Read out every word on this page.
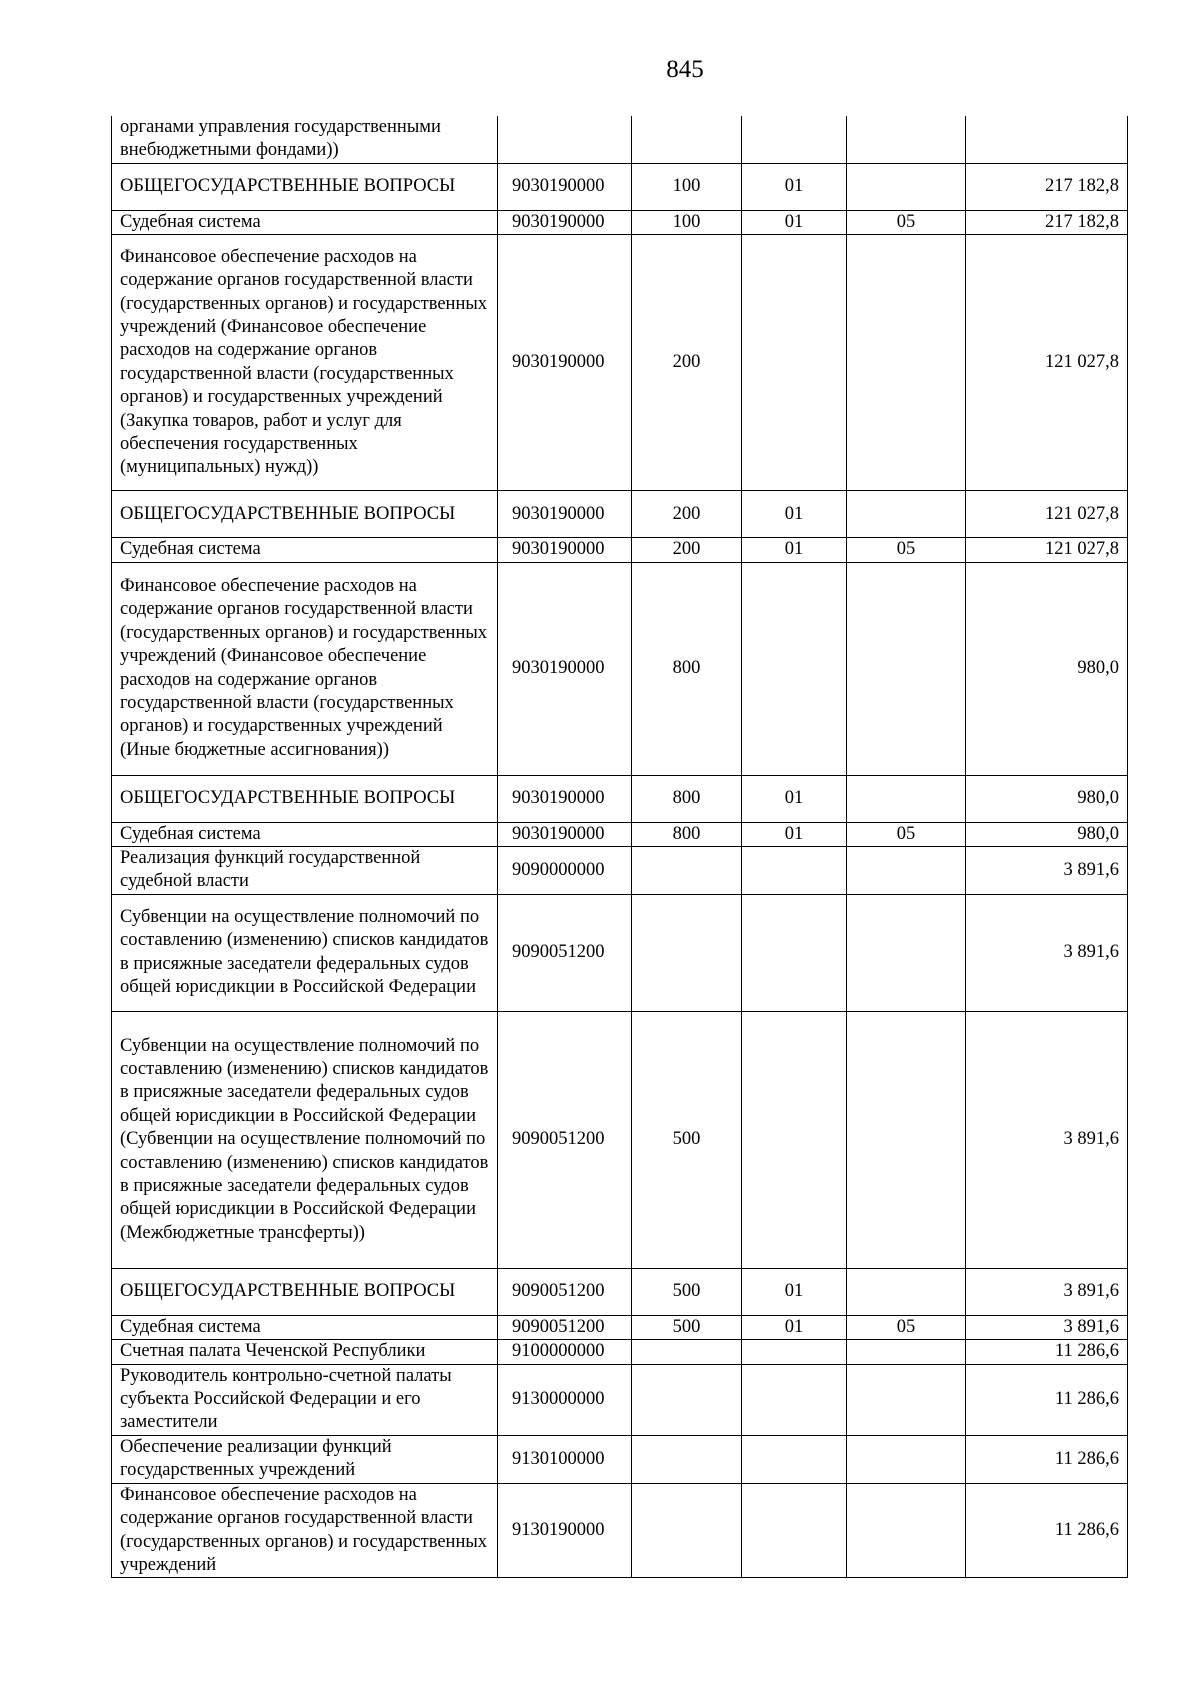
845
органами управления государственными внебюджетными фондами))					
ОБЩЕГОСУДАРСТВЕННЫЕ ВОПРОСЫ	9030190000	100	01		217 182,8
Судебная система	9030190000	100	01	05	217 182,8
Финансовое обеспечение расходов на содержание органов государственной власти (государственных органов) и государственных учреждений (Финансовое обеспечение расходов на содержание органов государственной власти (государственных органов) и государственных учреждений (Закупка товаров, работ и услуг для обеспечения государственных (муниципальных) нужд))	9030190000	200			121 027,8
ОБЩЕГОСУДАРСТВЕННЫЕ ВОПРОСЫ	9030190000	200	01		121 027,8
Судебная система	9030190000	200	01	05	121 027,8
Финансовое обеспечение расходов на содержание органов государственной власти (государственных органов) и государственных учреждений (Финансовое обеспечение расходов на содержание органов государственной власти (государственных органов) и государственных учреждений (Иные бюджетные ассигнования))	9030190000	800			980,0
ОБЩЕГОСУДАРСТВЕННЫЕ ВОПРОСЫ	9030190000	800	01		980,0
Судебная система	9030190000	800	01	05	980,0
Реализация функций государственной судебной власти	9090000000				3 891,6
Субвенции на осуществление полномочий по составлению (изменению) списков кандидатов в присяжные заседатели федеральных судов общей юрисдикции в Российской Федерации	9090051200				3 891,6
Субвенции на осуществление полномочий по составлению (изменению) списков кандидатов в присяжные заседатели федеральных судов общей юрисдикции в Российской Федерации (Субвенции на осуществление полномочий по составлению (изменению) списков кандидатов в присяжные заседатели федеральных судов общей юрисдикции в Российской Федерации (Межбюджетные трансферты))	9090051200	500			3 891,6
ОБЩЕГОСУДАРСТВЕННЫЕ ВОПРОСЫ	9090051200	500	01		3 891,6
Судебная система	9090051200	500	01	05	3 891,6
Счетная палата Чеченской Республики	9100000000				11 286,6
Руководитель контрольно-счетной палаты субъекта Российской Федерации и его заместители	9130000000				11 286,6
Обеспечение реализации функций государственных учреждений	9130100000				11 286,6
Финансовое обеспечение расходов на содержание органов государственной власти (государственных органов) и государственных учреждений	9130190000				11 286,6
